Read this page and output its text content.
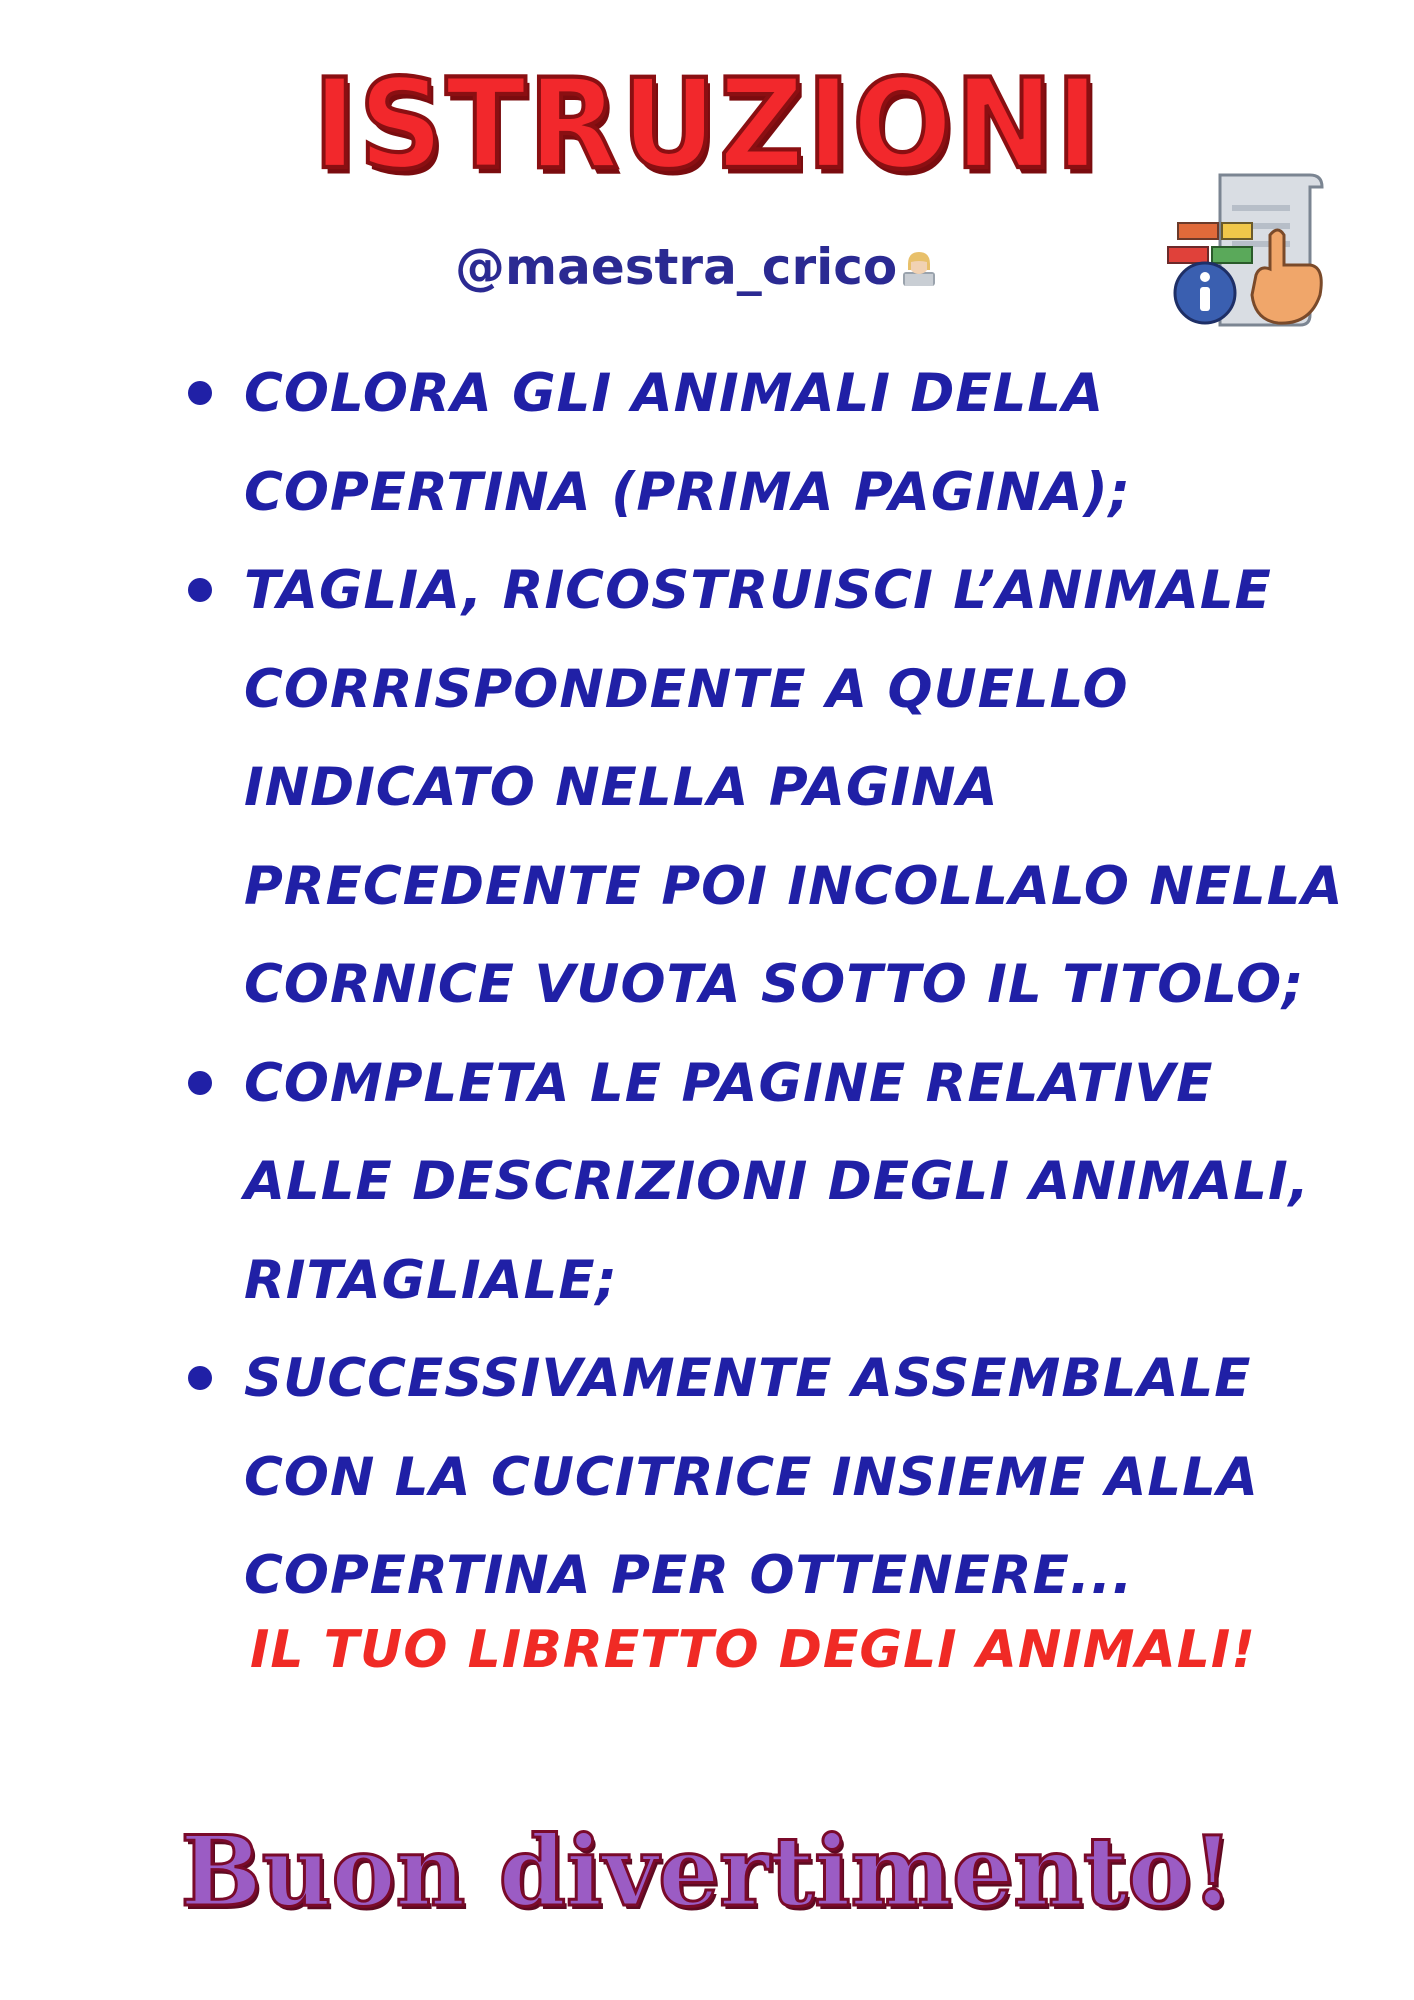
ISTRUZIONI
@maestra_crico
COLORA GLI ANIMALI DELLA COPERTINA (PRIMA PAGINA);
TAGLIA, RICOSTRUISCI L’ANIMALE CORRISPONDENTE A QUELLO INDICATO NELLA PAGINA PRECEDENTE POI INCOLLALO NELLA CORNICE VUOTA SOTTO IL TITOLO;
COMPLETA LE PAGINE RELATIVE ALLE DESCRIZIONI DEGLI ANIMALI, RITAGLIALE;
SUCCESSIVAMENTE ASSEMBLALE CON LA CUCITRICE INSIEME ALLA COPERTINA PER OTTENERE...
IL TUO LIBRETTO DEGLI ANIMALI!
Buon divertimento!
